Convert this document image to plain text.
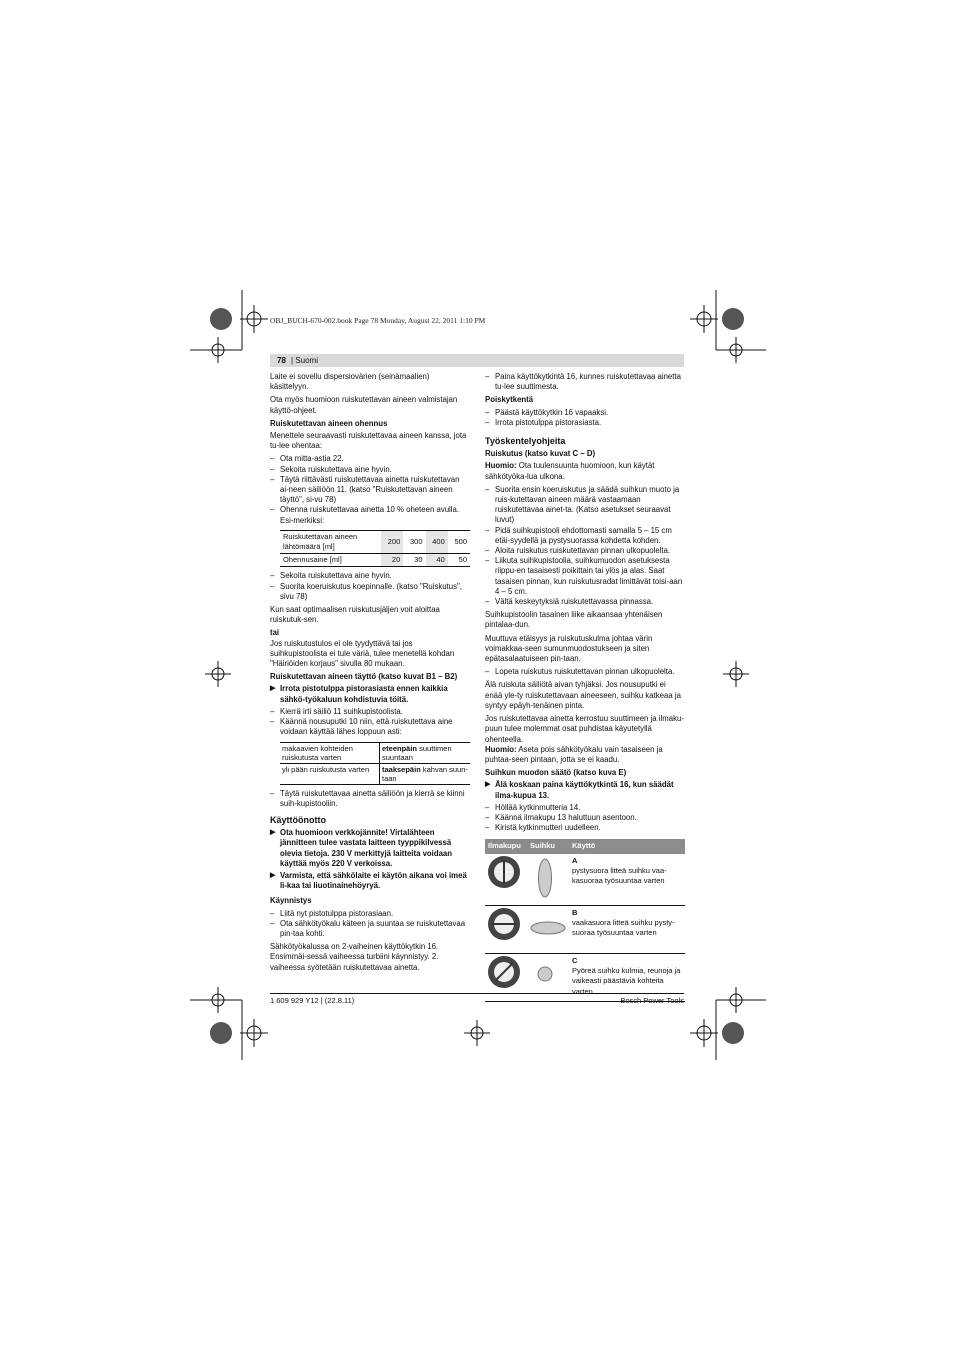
OBJ_BUCH-670-002.book Page 78 Monday, August 22, 2011 1:10 PM
78 | Suomi

Laite ei sovellu dispersiovärien (seinämaalien) käsittelyyn.

Ota myös huomioon ruiskutettavan aineen valmistajan käyttö-ohjeet.

Ruiskutettavan aineen ohennus

Menettele seuraavasti ruiskutettavaa aineen kanssa, jota tu-lee ohentaa:

– Ota mitta-astia 22.
– Sekoita ruiskutettava aine hyvin.
– Täytä riittävästi ruiskutettavaa ainetta ruiskutettavan ai-neen säiliöön 11. (katso "Ruiskutettavan aineen täyttö", si-vu 78)
– Ohenna ruiskutettavaa ainetta 10 % oheteen avulla. Esi-merkiksi:
Ruiskutettavan aineen lähtömäärä [ml]	200	300	400	500
Ohennusaine [ml]	20	30	40	50
– Sekoita ruiskutettava aine hyvin.
– Suorita koeruiskutus koepinnalle. (katso "Ruiskutus", sivu 78)

Kun saat optimaalisen ruiskutusjäljen voit aloittaa ruiskutuk-sen.

tai

Jos ruiskutustulos ei ole tyydyttävä tai jos suihkupistoolista ei tule väriä, tulee menetellä kohdan "Häiriöiden korjaus" sivulla 80 mukaan.

Ruiskutettavan aineen täyttö (katso kuvat B1 – B2)
▶ Irrota pistotulppa pistorasiasta ennen kaikkia sähkö-työkaluun kohdistuvia töitä.
– Kierrä irti säiliö 11 suihkupistoolista.
– Käännä nousuputki 10 niin, että ruiskutettava aine voidaan käyttää lähes loppuun asti:
makaavien kohteiden ruiskutusta varten	eteenpäin suuttimen suuntaan
yli pään ruiskutusta varten	taaksepäin kahvan suun-taan
– Täytä ruiskutettavaa ainetta säiliöön ja kierrä se kiinni suih-kupistooliin.
Käyttöönotto
▶ Ota huomioon verkkojännite! Virtalähteen jännitteen tulee vastata laitteen tyyppikilvessä olevia tietoja. 230 V merkittyjä laitteita voidaan käyttää myös 220 V verkoissa.
▶ Varmista, että sähkölaite ei käytön aikana voi imeä li-kaa tai liuotinainehöyryä.
Käynnistys
– Liitä nyt pistotulppa pistorasiaan.
– Ota sähkötyökalu käteen ja suuntaa se ruiskutettavaa pin-taa kohti.

Sähkötyökalussa on 2-vaiheinen käyttökytkin 16. Ensimmäi-sessä vaiheessa turbiini käynnistyy. 2. vaiheessa syötetään ruiskutettavaa ainetta.

– Paina käyttökytkintä 16, kunnes ruiskutettavaa ainetta tu-lee suuttimesta.
Poiskytkentä
– Päästä käyttökytkin 16 vapaaksi.
– Irrota pistotulppa pistorasiasta.
Työskentelyohjeita
Ruiskutus (katso kuvat C – D)

Huomio: Ota tuulensuunta huomioon, kun käytät sähkötyöka-lua ulkona.

– Suorita ensin koeruiskutus ja säädä suihkun muoto ja ruis-kutettavan aineen määrä vastaamaan ruiskutettavaa ainet-ta. (Katso asetukset seuraavat luvut)
– Pidä suihkupistooli ehdottomasti samalla 5 – 15 cm etäi-syydellä ja pystysuorassa kohdetta kohden.
– Aloita ruiskutus ruiskutettavan pinnan ulkopuolelta.
– Liikuta suihkupistoolia, suihkumuodon asetuksesta riippu-en tasaisesti poikittain tai ylös ja alas. Saat tasaisen pinnan, kun ruiskutusradat limittävät toisi-aan 4 – 5 cm.
– Vältä keskeytyksiä ruiskutettavassa pinnassa.

Suihkupistoolin tasainen liike aikaansaa yhtenäisen pintalaa-dun.

Muuttuva etäisyys ja ruiskutuskulma johtaa värin voimakkaa-seen sumunmuodostukseen ja siten epätasalaatuiseen pin-taan.

– Lopeta ruiskutus ruiskutettavan pinnan ulkopuolelta.

Älä ruiskuta säiliötä aivan tyhjäksi. Jos nousuputki ei enää yle-ty ruiskutettavaan aineeseen, suihku katkeaa ja syntyy epäyh-tenäinen pinta.

Jos ruiskutettavaa ainetta kerrostuu suuttimeen ja ilmaku-puun tulee molemmat osat puhdistaa käyutetyllä ohenteella.

Huomio: Aseta pois sähkötyökalu vain tasaiseen ja puhtaa-seen pintaan, jotta se ei kaadu.

Suihkun muodon säätö (katso kuva E)
▶ Älä koskaan paina käyttökytkintä 16, kun säädät ilma-kupua 13.
– Höllää kytkinmutteria 14.
– Käännä ilmakupu 13 haluttuun asentoon.
– Kiristä kytkinmutteri uudelleen.
Ilmakupu	Suihku	Käyttö

A
pystysuora litteä suihku vaa-kasuoraa työsuuntaa varten

B
vaakasuora litteä suihku pysty-suoraa työsuuntaa varten

C
Pyöreä suihku kulmia, reunoja ja vaikeasti päästäviä kohteita varten
1 609 929 Y12 | (22.8.11)	Bosch Power Tools
